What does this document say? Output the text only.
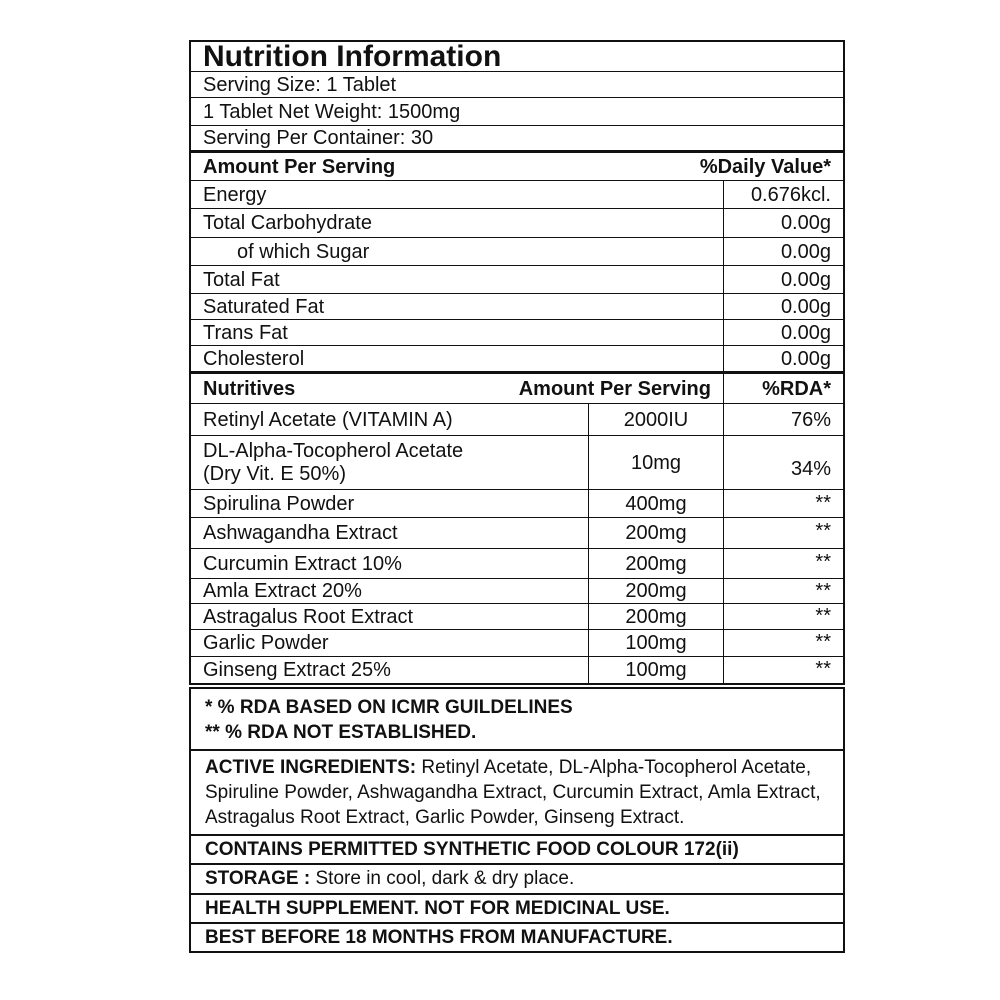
Nutrition Information
Serving Size: 1 Tablet
1 Tablet Net Weight: 1500mg
Serving Per Container: 30
Amount Per Serving	%Daily Value*
Energy	0.676kcl.
Total Carbohydrate	0.00g
of which Sugar	0.00g
Total Fat	0.00g
Saturated Fat	0.00g
Trans Fat	0.00g
Cholesterol	0.00g
Nutritives	Amount Per Serving	%RDA*
Retinyl Acetate (VITAMIN A)	2000IU	76%
DL-Alpha-Tocopherol Acetate
(Dry Vit. E 50%)	10mg	34%
Spirulina Powder	400mg	**
Ashwagandha Extract	200mg	**
Curcumin Extract 10%	200mg	**
Amla Extract 20%	200mg	**
Astragalus Root Extract	200mg	**
Garlic Powder	100mg	**
Ginseng Extract 25%	100mg	**
* % RDA BASED ON ICMR GUILDELINES
** % RDA NOT ESTABLISHED.
ACTIVE INGREDIENTS: Retinyl Acetate, DL-Alpha-Tocopherol Acetate, Spiruline Powder, Ashwagandha Extract, Curcumin Extract, Amla Extract, Astragalus Root Extract, Garlic Powder, Ginseng Extract.
CONTAINS PERMITTED SYNTHETIC FOOD COLOUR 172(ii)
STORAGE : Store in cool, dark & dry place.
HEALTH SUPPLEMENT. NOT FOR MEDICINAL USE.
BEST BEFORE 18 MONTHS FROM MANUFACTURE.
